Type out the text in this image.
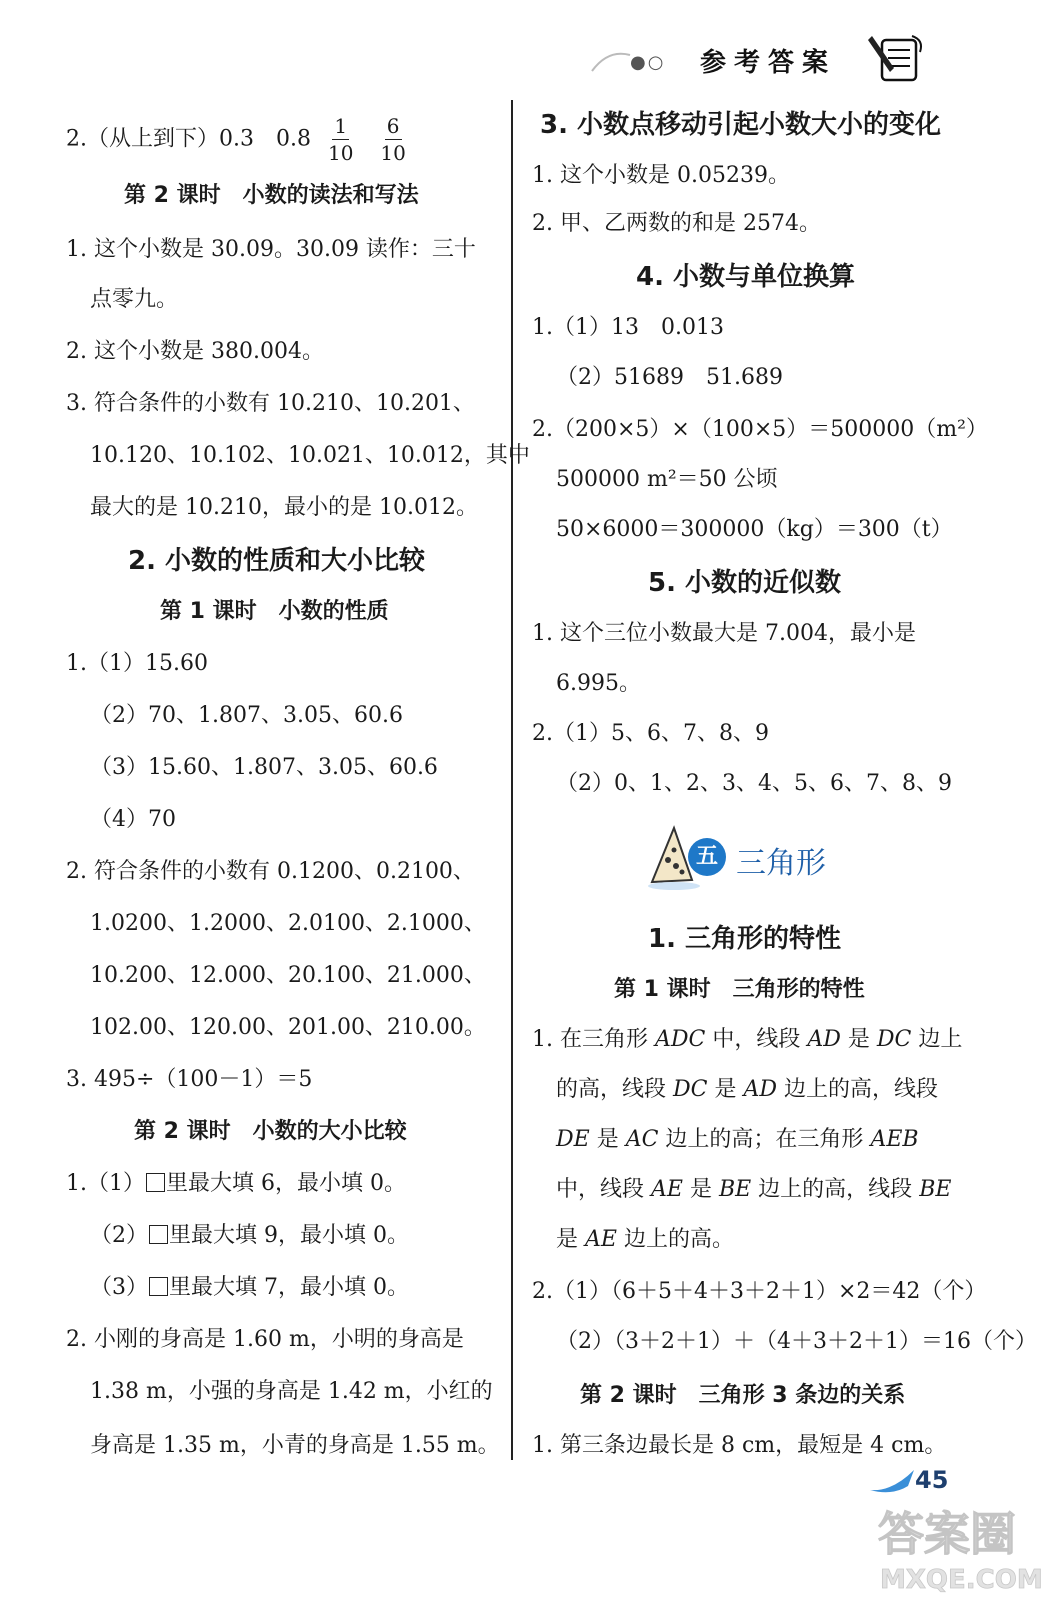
●○ 参考答案
2.（从上到下）0.3　$0.8 \frac{1}{10}$
$\frac{6}{10}$
第 2 课时　小数的读法和写法
1. 这个小数是 30.09。30.09 读作：三十
点零九。
2. 这个小数是 380.004。
3. 符合条件的小数有 10.210、10.201、
10.120、10.102、10.021、10.012，其中
最大的是 10.210，最小的是 10.012。
2. 小数的性质和大小比较
第 1 课时　小数的性质
1.（1）15.60
（2）70、1.807、3.05、60.6
（3）15.60、1.807、3.05、60.6
（4）70
2. 符合条件的小数有 0.1200、0.2100、
1.0200、1.2000、2.0100、2.1000、
10.200、12.000、20.100、21.000、
102.00、120.00、201.00、210.00。
3. 495÷（100－1）＝5
第 2 课时　小数的大小比较
1.（1） 里最大填 6，最小填 0。
（2） 里最大填 9，最小填 0。
（3） 里最大填 7，最小填 0。
2. 小刚的身高是 1.60 m，小明的身高是
1.38 m，小强的身高是 1.42 m，小红的
身高是 1.35 m，小青的身高是 1.55 m。
3. 小数点移动引起小数大小的变化
1. 这个小数是 0.05239。
2. 甲、乙两数的和是 2574。
4. 小数与单位换算
1.（1）13　0.013
（2）51689　51.689
2.（200×5）×（100×5）＝500000（m²）
500000 m²＝50 公顷
50×6000＝300000（kg）＝300（t）
5. 小数的近似数
1. 这个三位小数最大是 7.004，最小是
6.995。
2.（1）5、6、7、8、9
（2）0、1、2、3、4、5、6、7、8、9
五 三角形
1. 三角形的特性
第 1 课时　三角形的特性
1. 在三角形 ADC 中，线段 AD 是 DC 边上
的高，线段 DC 是 AD 边上的高，线段
DE 是 AC 边上的高；在三角形 AEB
中，线段 AE 是 BE 边上的高，线段 BE
是 AE 边上的高。
2.（1）（6＋5＋4＋3＋2＋1）×2＝42（个）
（2）（3＋2＋1）＋（4＋3＋2＋1）＝16（个）
第 2 课时　三角形 3 条边的关系
1. 第三条边最长是 8 cm，最短是 4 cm。
45
答案圈
MXQE.COM
